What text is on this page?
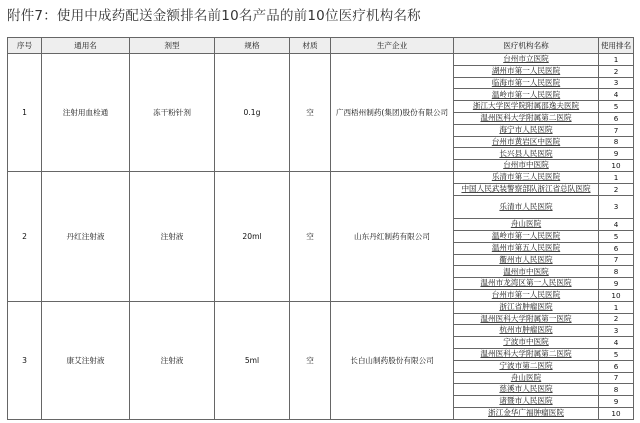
附件7：使用中成药配送金额排名前10名产品的前10位医疗机构名称
序号	通用名	剂型	规格	材质	生产企业	医疗机构名称	使用排名
1	注射用血栓通	冻干粉针剂	0.1g	空	广西梧州制药(集团)股份有限公司	台州市立医院	1
						湖州市第一人民医院	2
						临海市第一人民医院	3
						温岭市第一人民医院	4
						浙江大学医学院附属邵逸夫医院	5
						温州医科大学附属第二医院	6
						海宁市人民医院	7
						台州市黄岩区中医院	8
						长兴县人民医院	9
						台州市中医院	10
2	丹红注射液	注射液	20ml	空	山东丹红制药有限公司	乐清市第三人民医院	1
						中国人民武装警察部队浙江省总队医院	2
						乐清市人民医院	3
						舟山医院	4
						温岭市第一人民医院	5
						温州市第五人民医院	6
						衢州市人民医院	7
						温州市中医院	8
						温州市龙湾区第一人民医院	9
						台州市第一人民医院	10
3	康艾注射液	注射液	5ml	空	长白山制药股份有限公司	浙江省肿瘤医院	1
						温州医科大学附属第一医院	2
						杭州市肿瘤医院	3
						宁波市中医院	4
						温州医科大学附属第二医院	5
						宁波市第二医院	6
						舟山医院	7
						慈溪市人民医院	8
						诸暨市人民医院	9
						浙江金华广福肿瘤医院	10
